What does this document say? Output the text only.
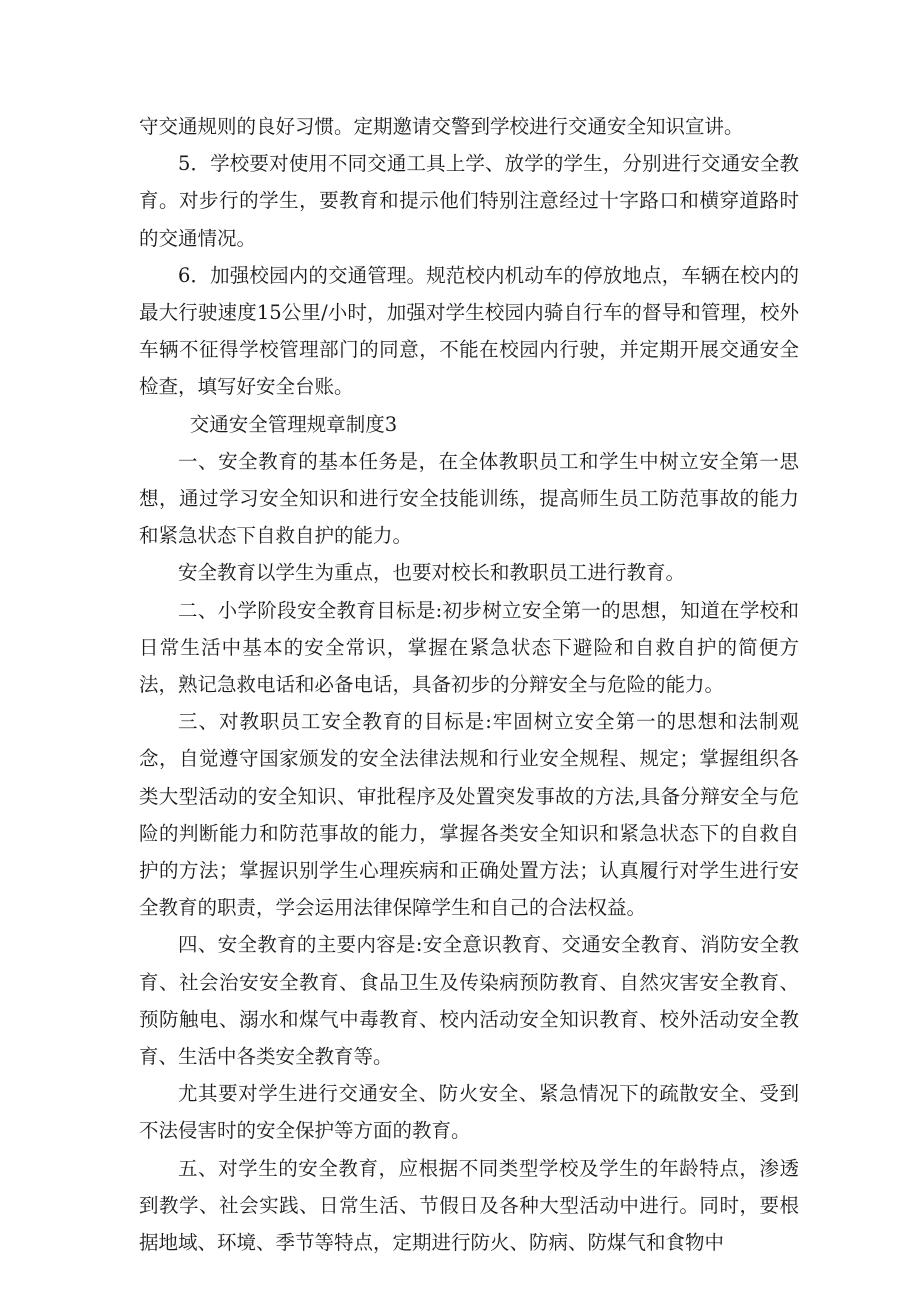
守交通规则的良好习惯。定期邀请交警到学校进行交通安全知识宣讲。

5．学校要对使用不同交通工具上学、放学的学生，分别进行交通安全教育。对步行的学生，要教育和提示他们特别注意经过十字路口和横穿道路时的交通情况。

6．加强校园内的交通管理。规范校内机动车的停放地点，车辆在校内的最大行驶速度15公里/小时，加强对学生校园内骑自行车的督导和管理，校外车辆不征得学校管理部门的同意，不能在校园内行驶，并定期开展交通安全检查，填写好安全台账。

交通安全管理规章制度3

一、安全教育的基本任务是，在全体教职员工和学生中树立安全第一思想，通过学习安全知识和进行安全技能训练，提高师生员工防范事故的能力和紧急状态下自救自护的能力。

安全教育以学生为重点，也要对校长和教职员工进行教育。

二、小学阶段安全教育目标是:初步树立安全第一的思想，知道在学校和日常生活中基本的安全常识，掌握在紧急状态下避险和自救自护的简便方法，熟记急救电话和必备电话，具备初步的分辩安全与危险的能力。

三、对教职员工安全教育的目标是:牢固树立安全第一的思想和法制观念，自觉遵守国家颁发的安全法律法规和行业安全规程、规定；掌握组织各类大型活动的安全知识、审批程序及处置突发事故的方法,具备分辩安全与危险的判断能力和防范事故的能力，掌握各类安全知识和紧急状态下的自救自护的方法；掌握识别学生心理疾病和正确处置方法；认真履行对学生进行安全教育的职责，学会运用法律保障学生和自己的合法权益。

四、安全教育的主要内容是:安全意识教育、交通安全教育、消防安全教育、社会治安安全教育、食品卫生及传染病预防教育、自然灾害安全教育、预防触电、溺水和煤气中毒教育、校内活动安全知识教育、校外活动安全教育、生活中各类安全教育等。

尤其要对学生进行交通安全、防火安全、紧急情况下的疏散安全、受到不法侵害时的安全保护等方面的教育。

五、对学生的安全教育，应根据不同类型学校及学生的年龄特点，渗透到教学、社会实践、日常生活、节假日及各种大型活动中进行。同时，要根据地域、环境、季节等特点，定期进行防火、防病、防煤气和食物中
